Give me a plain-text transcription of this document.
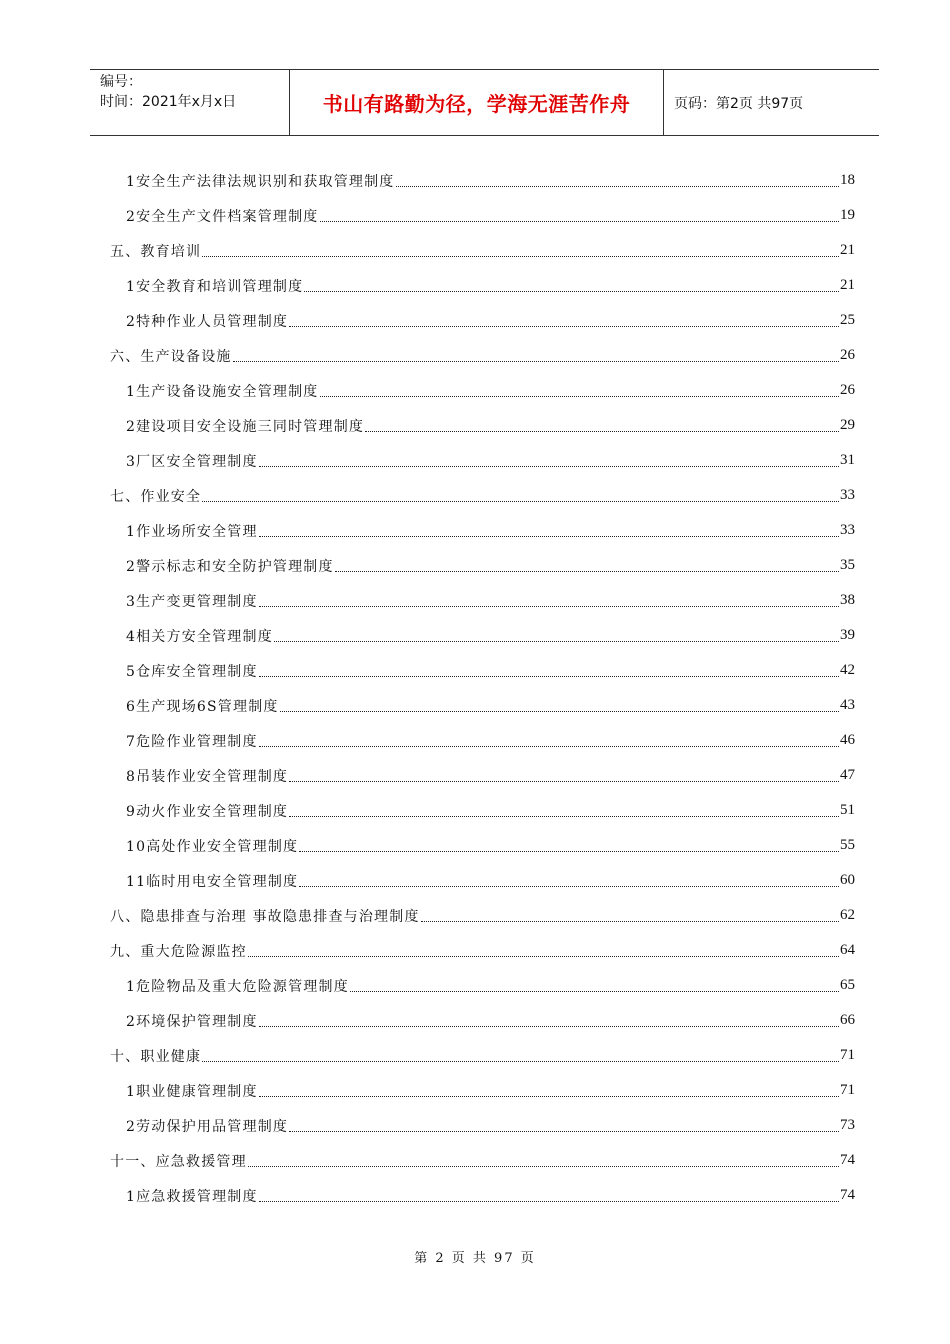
编号：
时间：2021年x月x日	书山有路勤为径，学海无涯苦作舟	页码：第2页 共97页
1安全生产法律法规识别和获取管理制度	18
2安全生产文件档案管理制度	19
五、教育培训	21
1安全教育和培训管理制度	21
2特种作业人员管理制度	25
六、生产设备设施	26
1生产设备设施安全管理制度	26
2建设项目安全设施三同时管理制度	29
3厂区安全管理制度	31
七、作业安全	33
1作业场所安全管理	33
2警示标志和安全防护管理制度	35
3生产变更管理制度	38
4相关方安全管理制度	39
5仓库安全管理制度	42
6生产现场6S管理制度	43
7危险作业管理制度	46
8吊装作业安全管理制度	47
9动火作业安全管理制度	51
10高处作业安全管理制度	55
11临时用电安全管理制度	60
八、隐患排查与治理 事故隐患排查与治理制度	62
九、重大危险源监控	64
1危险物品及重大危险源管理制度	65
2环境保护管理制度	66
十、职业健康	71
1职业健康管理制度	71
2劳动保护用品管理制度	73
十一、应急救援管理	74
1应急救援管理制度	74
第 2 页 共 97 页
